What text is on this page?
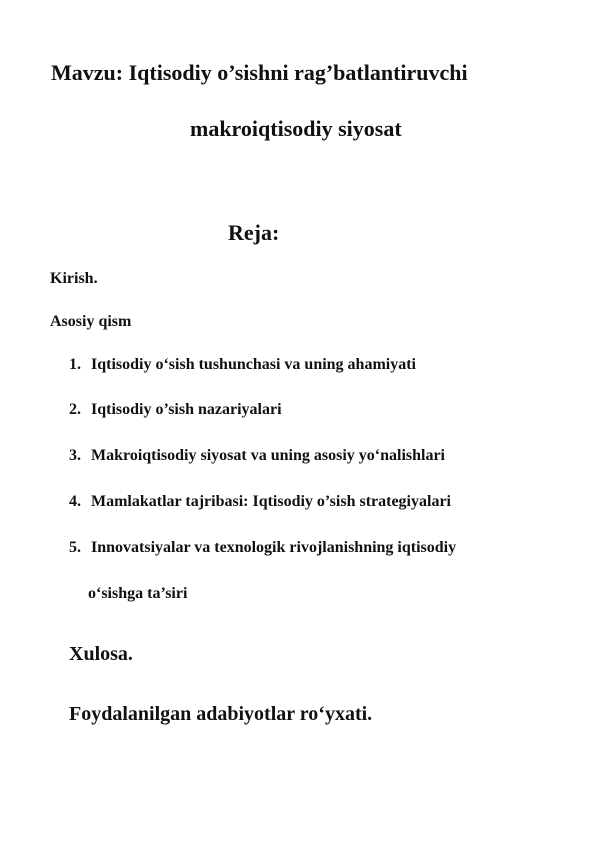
Mavzu: Iqtisodiy o’sishni rag’batlantiruvchi
makroiqtisodiy siyosat
Reja:
Kirish.
Asosiy qism
1. Iqtisodiy o‘sish tushunchasi va uning ahamiyati
2. Iqtisodiy o’sish nazariyalari
3. Makroiqtisodiy siyosat va uning asosiy yo‘nalishlari
4. Mamlakatlar tajribasi: Iqtisodiy o’sish strategiyalari
5. Innovatsiyalar va texnologik rivojlanishning iqtisodiy
o‘sishga ta’siri
Xulosa.
Foydalanilgan adabiyotlar ro‘yxati.
